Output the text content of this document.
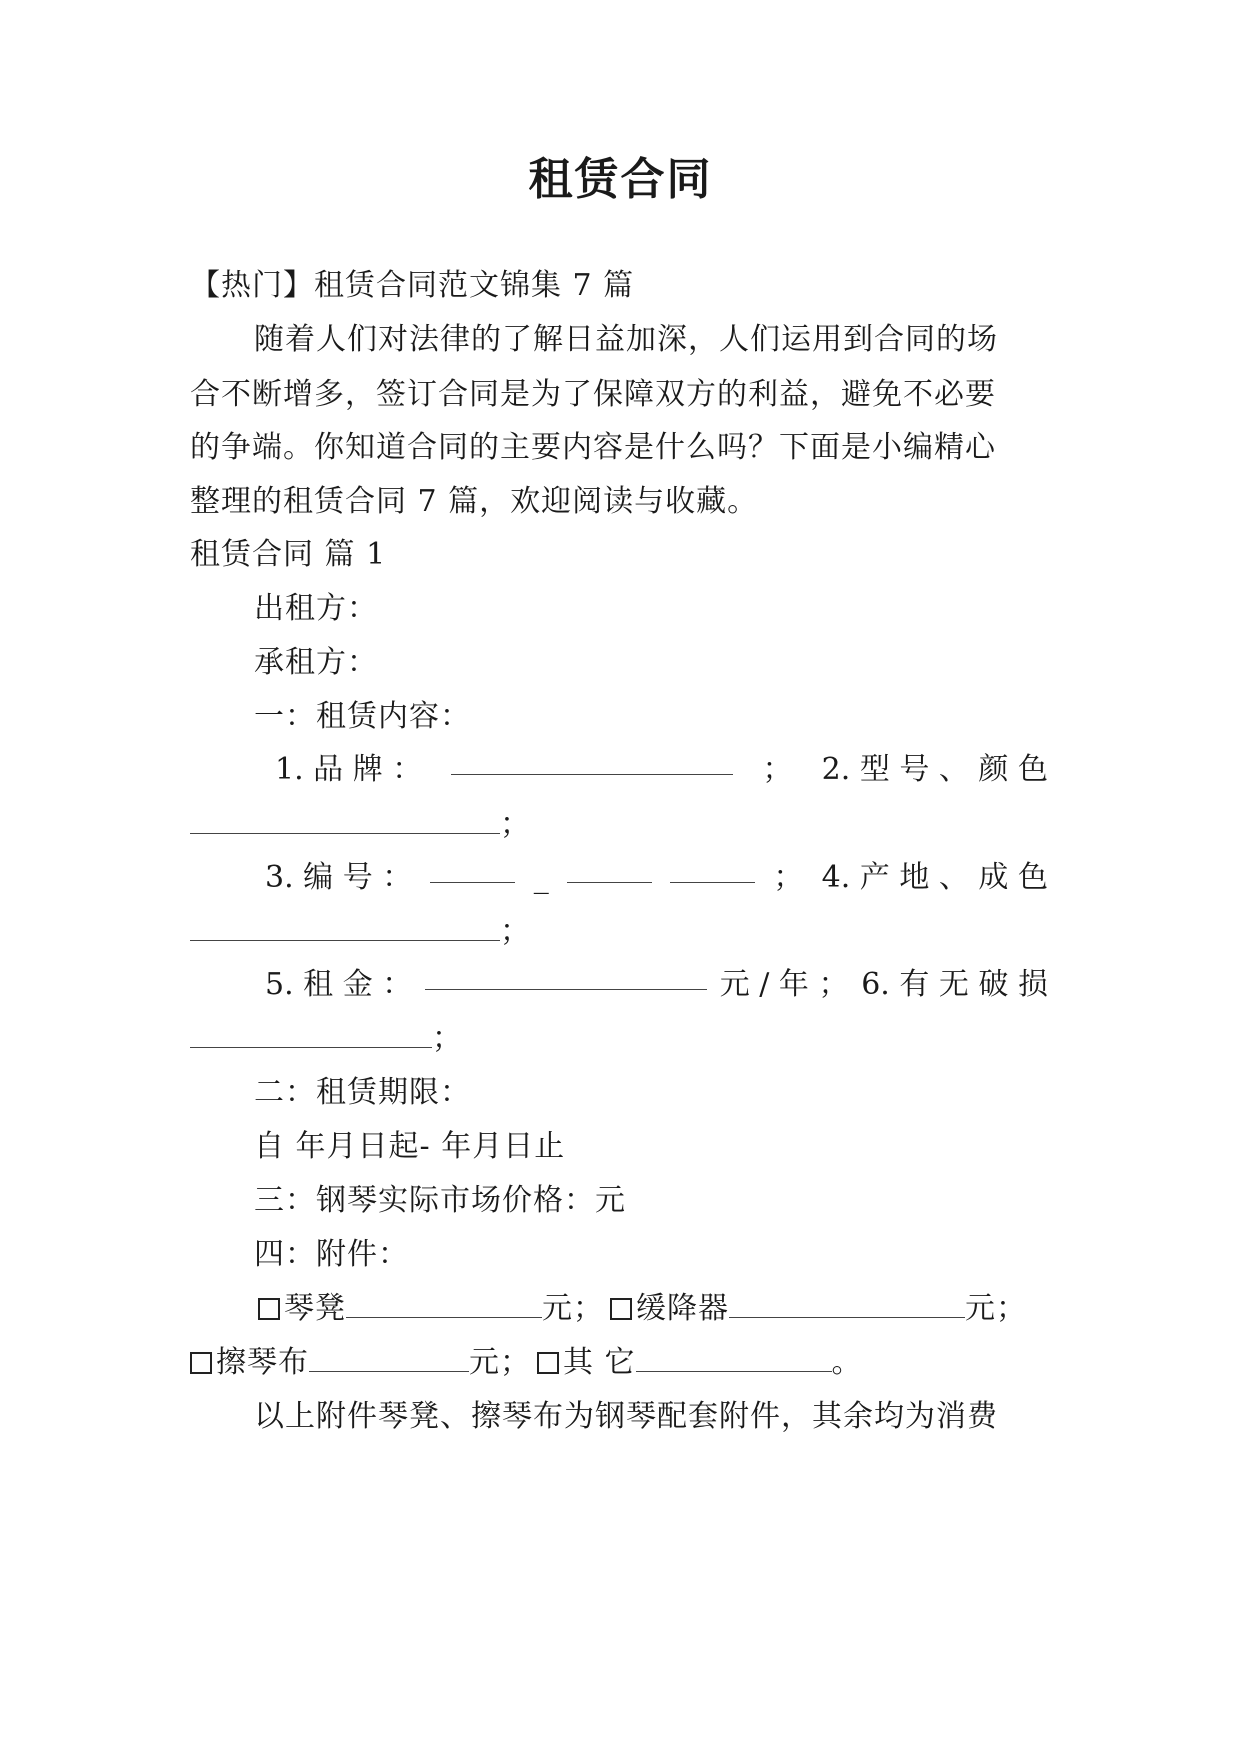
租赁合同
【热门】租赁合同范文锦集 7 篇
随着人们对法律的了解日益加深，人们运用到合同的场
合不断增多，签订合同是为了保障双方的利益，避免不必要
的争端。你知道合同的主要内容是什么吗？下面是小编精心
整理的租赁合同 7 篇，欢迎阅读与收藏。
租赁合同 篇 1
出租方：
承租方：
一：租赁内容：
1. 品 牌 ：	； 2. 型 号 、 颜 色
；
3. 编 号 ：	_	； 4. 产 地 、 成 色
；
5. 租 金 ：	元 / 年 ； 6. 有 无 破 损
；
二：租赁期限：
自 年月日起- 年月日止
三：钢琴实际市场价格：元
四：附件：
琴凳	元； 缓降器	元；
擦琴布	元； 其 它	。
以上附件琴凳、擦琴布为钢琴配套附件，其余均为消费
